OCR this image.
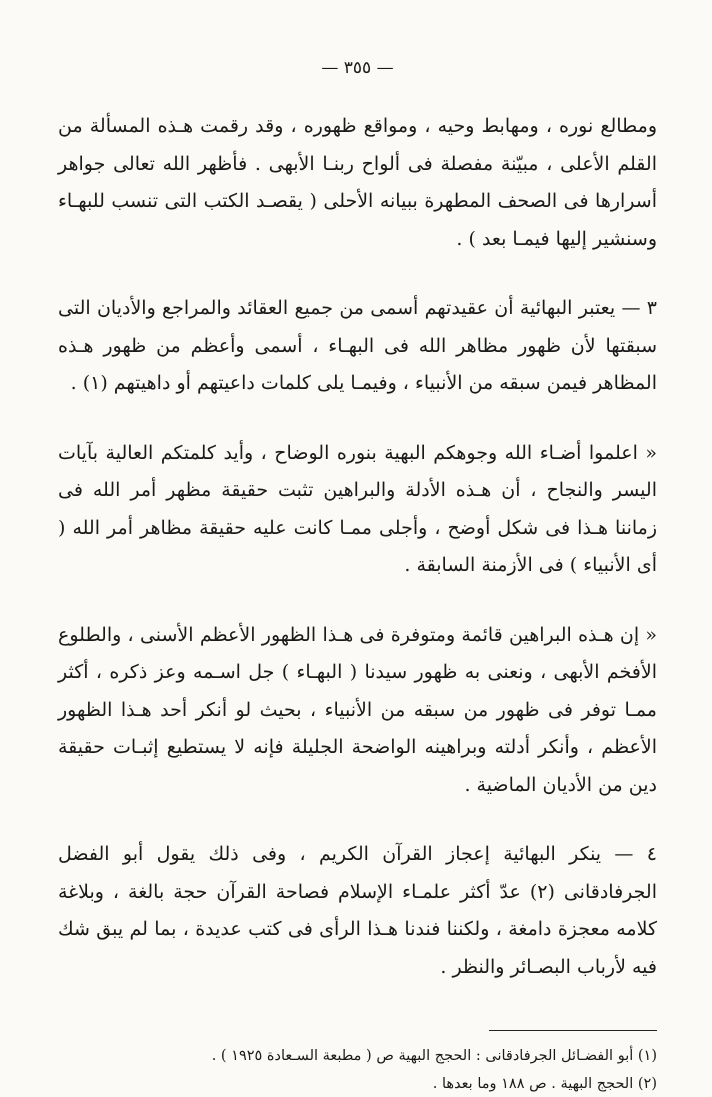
— ٣٥٥ —

ومطالع نوره ، ومهابط وحيه ، ومواقع ظهوره ، وقد رقمت هـذه المسألة من القلم الأعلى ، مبيّنة مفصلة فى ألواح ربنـا الأبهى . فأظهر الله تعالى جواهر أسرارها فى الصحف المطهرة ببيانه الأحلى ( يقصـد الكتب التى تنسب للبهـاء وسنشير إليها فيمـا بعد ) .

٣ — يعتبر البهائية أن عقيدتهم أسمى من جميع العقائد والمراجع والأديان التى سبقتها لأن ظهور مظاهر الله فى البهـاء ، أسمى وأعظم من ظهور هـذه المظاهر فيمن سبقه من الأنبياء ، وفيمـا يلى كلمات داعيتهم أو داهيتهم (١) .

« اعلموا أضـاء الله وجوهكم البهية بنوره الوضاح ، وأيد كلمتكم العالية بآيات اليسر والنجاح ، أن هـذه الأدلة والبراهين تثبت حقيقة مظهر أمر الله فى زماننا هـذا فى شكل أوضح ، وأجلى ممـا كانت عليه حقيقة مظاهر أمر الله ( أى الأنبياء ) فى الأزمنة السابقة .

« إن هـذه البراهين قائمة ومتوفرة فى هـذا الظهور الأعظم الأسنى ، والطلوع الأفخم الأبهى ، ونعنى به ظهور سيدنا ( البهـاء ) جل اسـمه وعز ذكره ، أكثر ممـا توفر فى ظهور من سبقه من الأنبياء ، بحيث لو أنكر أحد هـذا الظهور الأعظم ، وأنكر أدلته وبراهينه الواضحة الجليلة فإنه لا يستطيع إثبـات حقيقة دين من الأديان الماضية .

٤ — ينكر البهائية إعجاز القرآن الكريم ، وفى ذلك يقول أبو الفضل الجرفادقانى (٢) عدّ أكثر علمـاء الإسلام فصاحة القرآن حجة بالغة ، وبلاغة كلامه معجزة دامغة ، ولكننا فندنا هـذا الرأى فى كتب عديدة ، بما لم يبق شك فيه لأرباب البصـائر والنظر .

(١) أبو الفضـائل الجرفادقانى : الحجج البهية ص ( مطبعة السـعادة ١٩٢٥ ) .

(٢) الحجج البهية . ص ١٨٨ وما بعدها .
